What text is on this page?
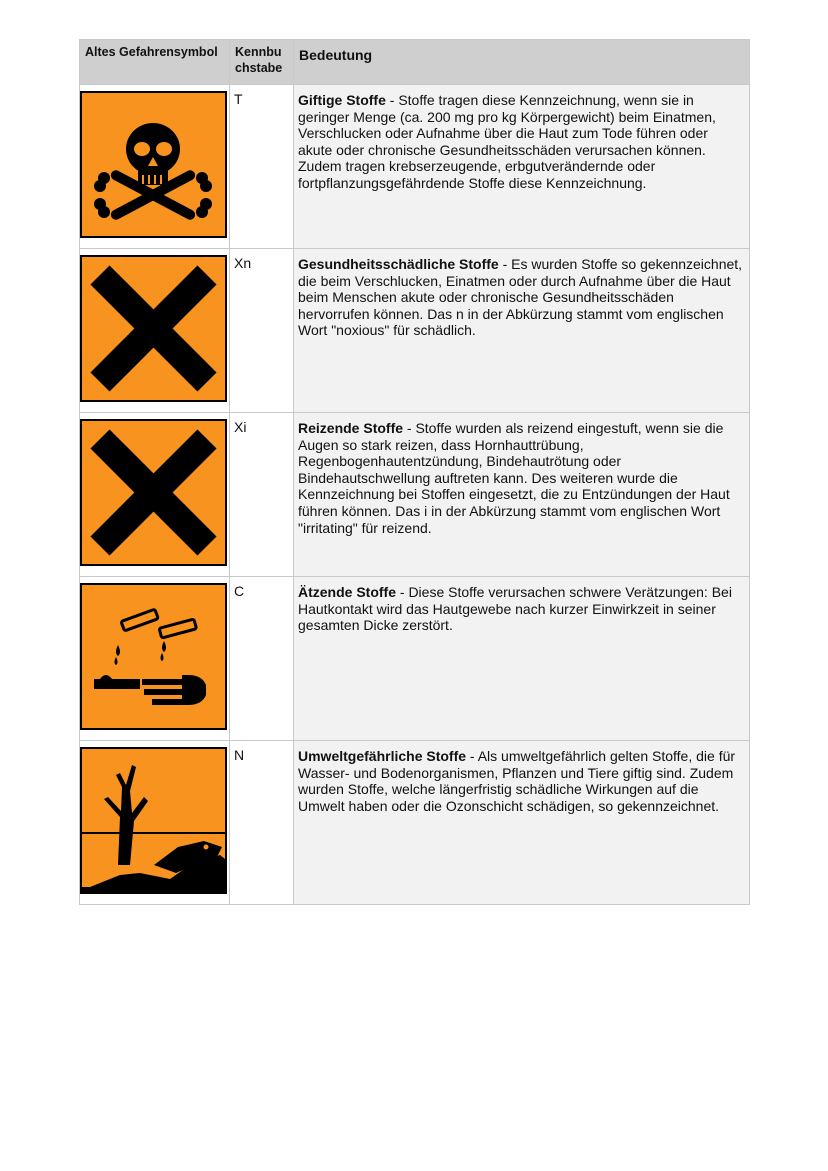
Altes Gefahrensymbol	Kennbuchstabe	Bedeutung

	T	Giftige Stoffe - Stoffe tragen diese Kennzeichnung, wenn sie in geringer Menge (ca. 200 mg pro kg Körpergewicht) beim Einatmen, Verschlucken oder Aufnahme über die Haut zum Tode führen oder akute oder chronische Gesundheitsschäden verursachen können. Zudem tragen krebserzeugende, erbgutverändernde oder fortpflanzungsgefährdende Stoffe diese Kennzeichnung.

	Xn	Gesundheitsschädliche Stoffe - Es wurden Stoffe so gekennzeichnet, die beim Verschlucken, Einatmen oder durch Aufnahme über die Haut beim Menschen akute oder chronische Gesundheitsschäden hervorrufen können. Das n in der Abkürzung stammt vom englischen Wort "noxious" für schädlich.

	Xi	Reizende Stoffe - Stoffe wurden als reizend eingestuft, wenn sie die Augen so stark reizen, dass Hornhauttrübung, Regenbogenhautentzündung, Bindehautrötung oder Bindehautschwellung auftreten kann. Des weiteren wurde die Kennzeichnung bei Stoffen eingesetzt, die zu Entzündungen der Haut führen können. Das i in der Abkürzung stammt vom englischen Wort "irritating" für reizend.

	C	Ätzende Stoffe - Diese Stoffe verursachen schwere Verätzungen: Bei Hautkontakt wird das Hautgewebe nach kurzer Einwirkzeit in seiner gesamten Dicke zerstört.

	N	Umweltgefährliche Stoffe - Als umweltgefährlich gelten Stoffe, die für Wasser- und Bodenorganismen, Pflanzen und Tiere giftig sind. Zudem wurden Stoffe, welche längerfristig schädliche Wirkungen auf die Umwelt haben oder die Ozonschicht schädigen, so gekennzeichnet.
